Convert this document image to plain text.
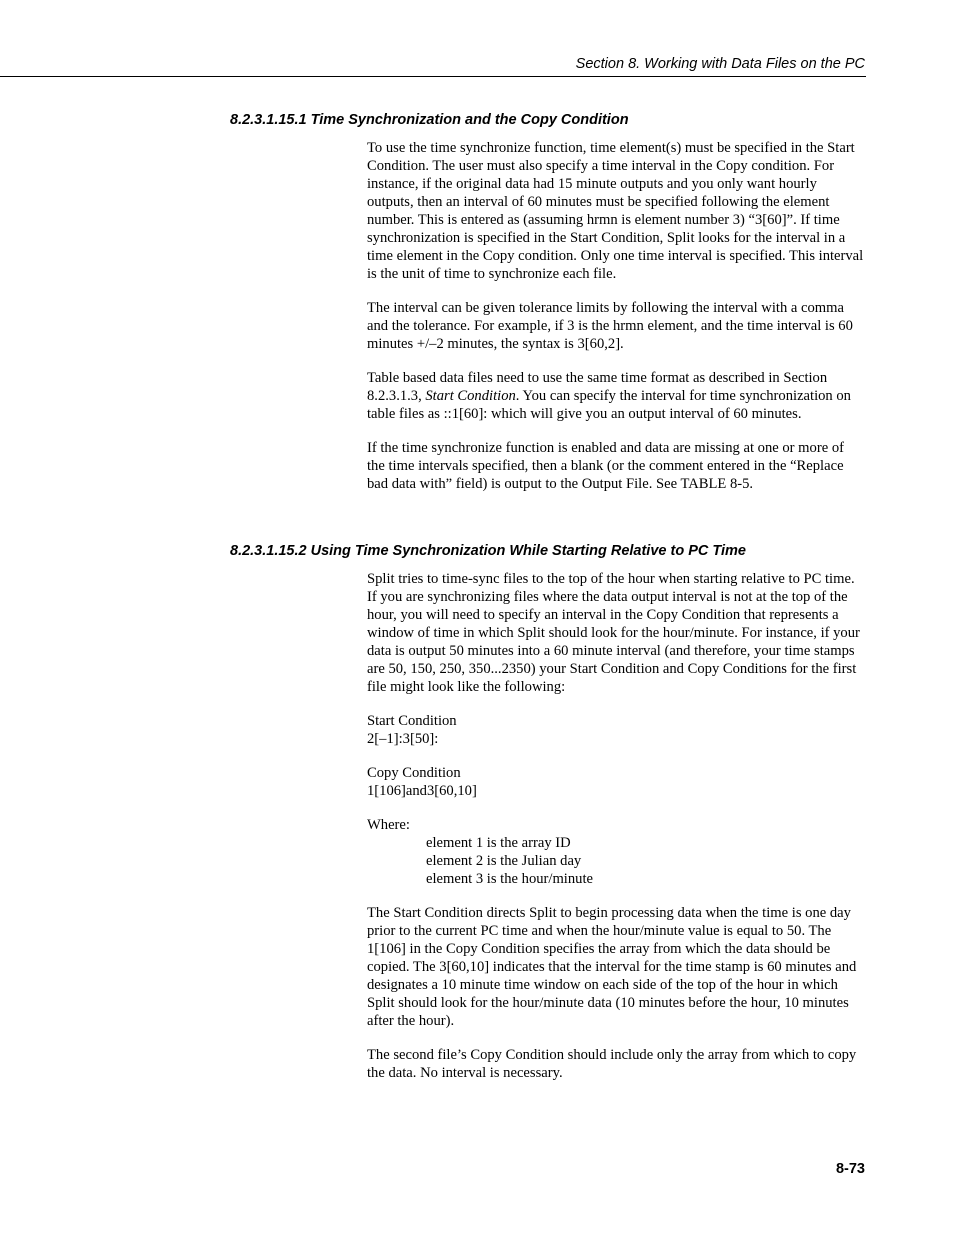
Section 8. Working with Data Files on the PC
8.2.3.1.15.1 Time Synchronization and the Copy Condition

To use the time synchronize function, time element(s) must be specified in the Start Condition. The user must also specify a time interval in the Copy condition. For instance, if the original data had 15 minute outputs and you only want hourly outputs, then an interval of 60 minutes must be specified following the element number. This is entered as (assuming hrmn is element number 3) “3[60]”. If time synchronization is specified in the Start Condition, Split looks for the interval in a time element in the Copy condition. Only one time interval is specified. This interval is the unit of time to synchronize each file.

The interval can be given tolerance limits by following the interval with a comma and the tolerance. For example, if 3 is the hrmn element, and the time interval is 60 minutes +/–2 minutes, the syntax is 3[60,2].

Table based data files need to use the same time format as described in Section 8.2.3.1.3, Start Condition. You can specify the interval for time synchronization on table files as ::1[60]: which will give you an output interval of 60 minutes.

If the time synchronize function is enabled and data are missing at one or more of the time intervals specified, then a blank (or the comment entered in the “Replace bad data with” field) is output to the Output File. See TABLE 8-5.

8.2.3.1.15.2 Using Time Synchronization While Starting Relative to PC Time

Split tries to time-sync files to the top of the hour when starting relative to PC time. If you are synchronizing files where the data output interval is not at the top of the hour, you will need to specify an interval in the Copy Condition that represents a window of time in which Split should look for the hour/minute. For instance, if your data is output 50 minutes into a 60 minute interval (and therefore, your time stamps are 50, 150, 250, 350...2350) your Start Condition and Copy Conditions for the first file might look like the following:

Start Condition
2[–1]:3[50]:

Copy Condition
1[106]and3[60,10]

Where:
element 1 is the array ID
element 2 is the Julian day
element 3 is the hour/minute

The Start Condition directs Split to begin processing data when the time is one day prior to the current PC time and when the hour/minute value is equal to 50. The 1[106] in the Copy Condition specifies the array from which the data should be copied. The 3[60,10] indicates that the interval for the time stamp is 60 minutes and designates a 10 minute time window on each side of the top of the hour in which Split should look for the hour/minute data (10 minutes before the hour, 10 minutes after the hour).

The second file’s Copy Condition should include only the array from which to copy the data. No interval is necessary.

8-73
